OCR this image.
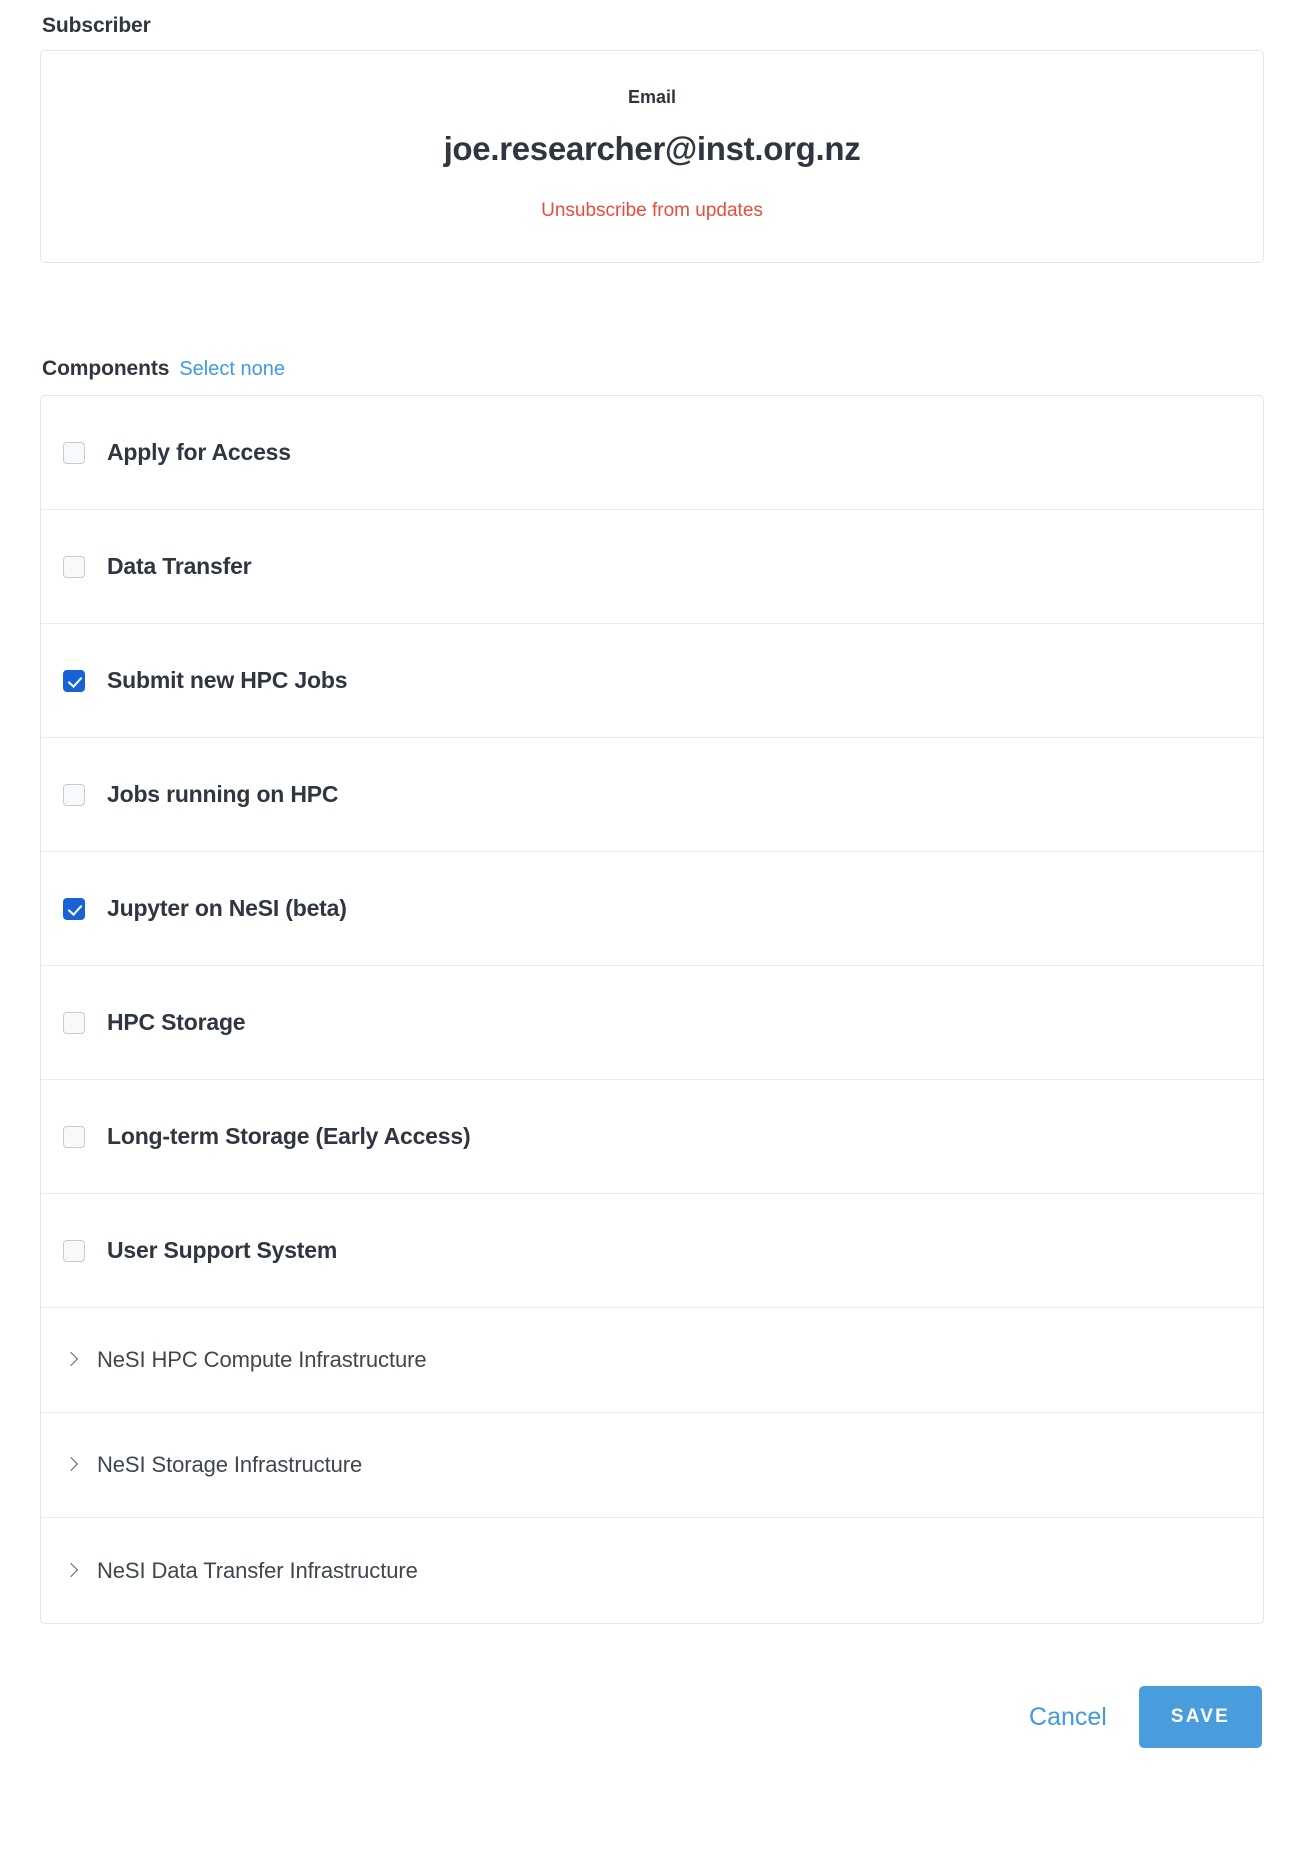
Subscriber
Email
joe.researcher@inst.org.nz
Unsubscribe from updates
Components Select none
Apply for Access
Data Transfer
Submit new HPC Jobs
Jobs running on HPC
Jupyter on NeSI (beta)
HPC Storage
Long-term Storage (Early Access)
User Support System
NeSI HPC Compute Infrastructure
NeSI Storage Infrastructure
NeSI Data Transfer Infrastructure
Cancel	SAVE
